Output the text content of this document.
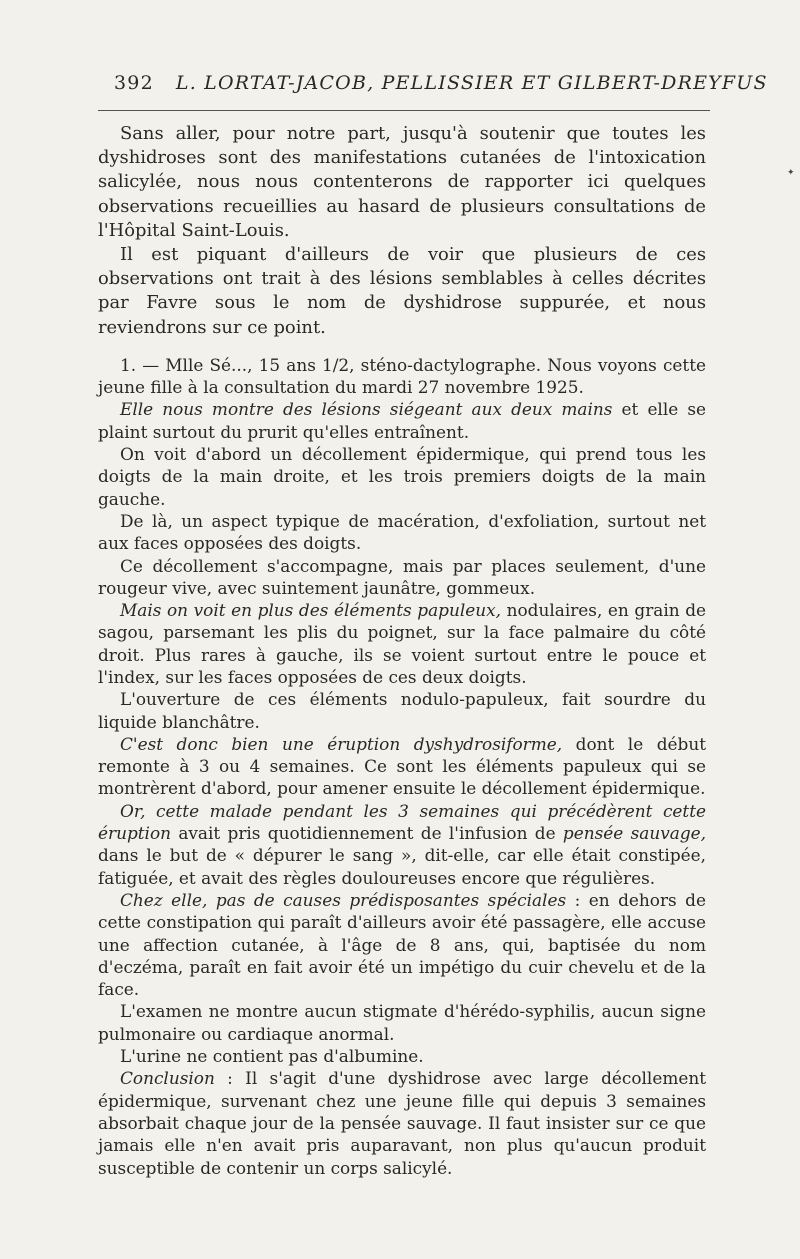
392 L. LORTAT-JACOB, PELLISSIER ET GILBERT-DREYFUS
✦

Sans aller, pour notre part, jusqu'à soutenir que toutes les dyshidroses sont des manifestations cutanées de l'intoxication salicylée, nous nous contenterons de rapporter ici quelques observations recueillies au hasard de plusieurs consultations de l'Hôpital Saint-Louis.

Il est piquant d'ailleurs de voir que plusieurs de ces observations ont trait à des lésions semblables à celles décrites par Favre sous le nom de dyshidrose suppurée, et nous reviendrons sur ce point.

1. — Mlle Sé..., 15 ans 1/2, sténo-dactylographe. Nous voyons cette jeune fille à la consultation du mardi 27 novembre 1925.

Elle nous montre des lésions siégeant aux deux mains et elle se plaint surtout du prurit qu'elles entraînent.

On voit d'abord un décollement épidermique, qui prend tous les doigts de la main droite, et les trois premiers doigts de la main gauche.

De là, un aspect typique de macération, d'exfoliation, surtout net aux faces opposées des doigts.

Ce décollement s'accompagne, mais par places seulement, d'une rougeur vive, avec suintement jaunâtre, gommeux.

Mais on voit en plus des éléments papuleux, nodulaires, en grain de sagou, parsemant les plis du poignet, sur la face palmaire du côté droit. Plus rares à gauche, ils se voient surtout entre le pouce et l'index, sur les faces opposées de ces deux doigts.

L'ouverture de ces éléments nodulo-papuleux, fait sourdre du liquide blanchâtre.

C'est donc bien une éruption dyshydrosiforme, dont le début remonte à 3 ou 4 semaines. Ce sont les éléments papuleux qui se montrèrent d'abord, pour amener ensuite le décollement épidermique.

Or, cette malade pendant les 3 semaines qui précédèrent cette éruption avait pris quotidiennement de l'infusion de pensée sauvage, dans le but de « dépurer le sang », dit-elle, car elle était constipée, fatiguée, et avait des règles douloureuses encore que régulières.

Chez elle, pas de causes prédisposantes spéciales : en dehors de cette constipation qui paraît d'ailleurs avoir été passagère, elle accuse une affection cutanée, à l'âge de 8 ans, qui, baptisée du nom d'eczéma, paraît en fait avoir été un impétigo du cuir chevelu et de la face.

L'examen ne montre aucun stigmate d'hérédo-syphilis, aucun signe pulmonaire ou cardiaque anormal.

L'urine ne contient pas d'albumine.

Conclusion : Il s'agit d'une dyshidrose avec large décollement épidermique, survenant chez une jeune fille qui depuis 3 semaines absorbait chaque jour de la pensée sauvage. Il faut insister sur ce que jamais elle n'en avait pris auparavant, non plus qu'aucun produit susceptible de contenir un corps salicylé.
